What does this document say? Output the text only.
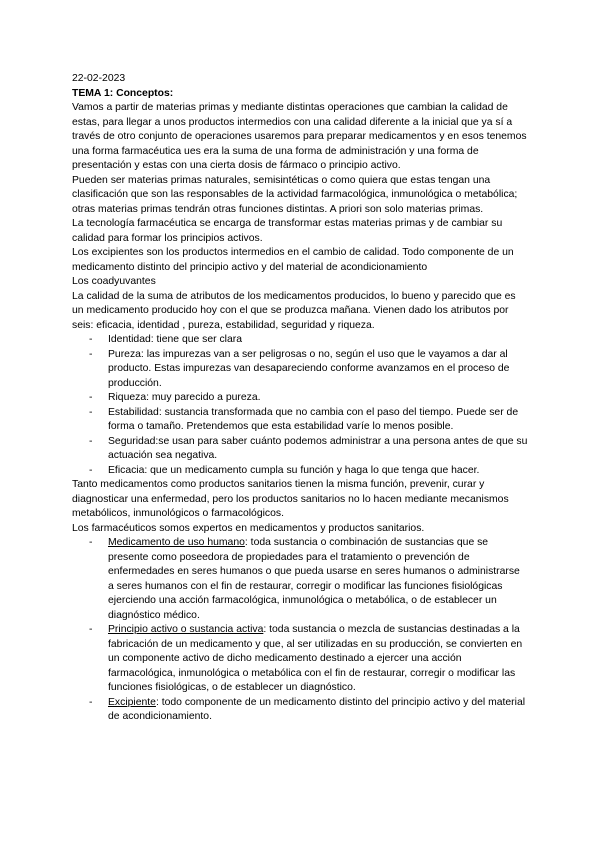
22-02-2023

TEMA 1: Conceptos:

Vamos a partir de materias primas y mediante distintas operaciones que cambian la calidad de estas, para llegar a unos productos intermedios con una calidad diferente a la inicial que ya sí a través de otro conjunto de operaciones usaremos para preparar medicamentos y en esos tenemos una forma farmacéutica ues era la suma de una forma de administración y una forma de presentación y estas con una cierta dosis de fármaco o principio activo.

Pueden ser materias primas naturales, semisintéticas o como quiera que estas tengan una clasificación que son las responsables de la actividad farmacológica, inmunológica o metabólica; otras materias primas tendrán otras funciones distintas. A priori son solo materias primas.

La tecnología farmacéutica se encarga de transformar estas materias primas y de cambiar su calidad para formar los principios activos.

Los excipientes son los productos intermedios en el cambio de calidad. Todo componente de un medicamento distinto del principio activo y del material de acondicionamiento

Los coadyuvantes

La calidad de la suma de atributos de los medicamentos producidos, lo bueno y parecido que es un medicamento producido hoy con el que se produzca mañana. Vienen dado los atributos por seis: eficacia, identidad , pureza, estabilidad, seguridad y riqueza.

- Identidad: tiene que ser clara
- Pureza: las impurezas van a ser peligrosas o no, según el uso que le vayamos a dar al producto. Estas impurezas van desapareciendo conforme avanzamos en el proceso de producción.
- Riqueza: muy parecido a pureza.
- Estabilidad: sustancia transformada que no cambia con el paso del tiempo. Puede ser de forma o tamaño. Pretendemos que esta estabilidad varíe lo menos posible.
- Seguridad:se usan para saber cuánto podemos administrar a una persona antes de que su actuación sea negativa.
- Eficacia: que un medicamento cumpla su función y haga lo que tenga que hacer.

Tanto medicamentos como productos sanitarios tienen la misma función, prevenir, curar y diagnosticar una enfermedad, pero los productos sanitarios no lo hacen mediante mecanismos metabólicos, inmunológicos o farmacológicos.

Los farmacéuticos somos expertos en medicamentos y productos sanitarios.

- Medicamento de uso humano: toda sustancia o combinación de sustancias que se presente como poseedora de propiedades para el tratamiento o prevención de enfermedades en seres humanos o que pueda usarse en seres humanos o administrarse a seres humanos con el fin de restaurar, corregir o modificar las funciones fisiológicas ejerciendo una acción farmacológica, inmunológica o metabólica, o de establecer un diagnóstico médico.
- Principio activo o sustancia activa: toda sustancia o mezcla de sustancias destinadas a la fabricación de un medicamento y que, al ser utilizadas en su producción, se convierten en un componente activo de dicho medicamento destinado a ejercer una acción farmacológica, inmunológica o metabólica con el fin de restaurar, corregir o modificar las funciones fisiológicas, o de establecer un diagnóstico.
- Excipiente: todo componente de un medicamento distinto del principio activo y del material de acondicionamiento.
